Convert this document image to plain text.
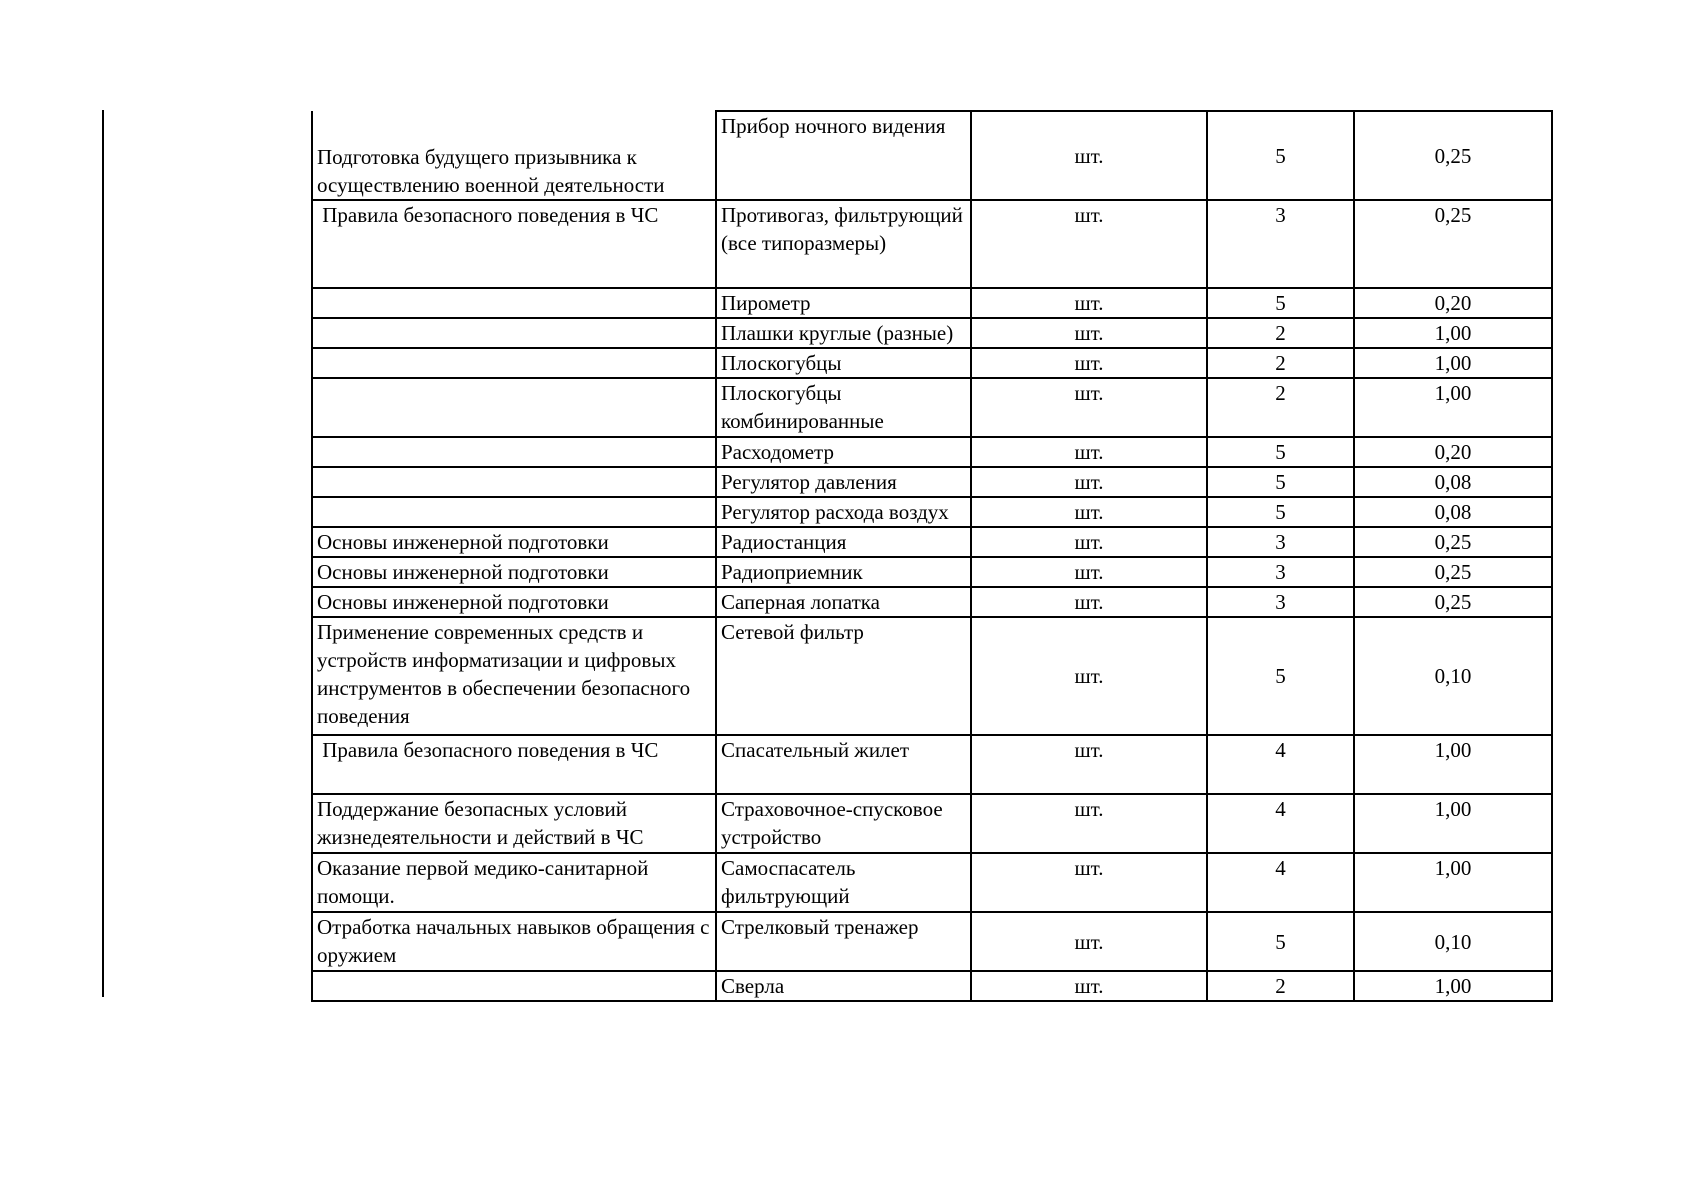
Подготовка будущего призывника к осуществлению военной деятельности	Прибор ночного видения	шт.	5	0,25
Правила безопасного поведения в ЧС	Противогаз, фильтрующий (все типоразмеры)	шт.	3	0,25
	Пирометр	шт.	5	0,20
	Плашки круглые (разные)	шт.	2	1,00
	Плоскогубцы	шт.	2	1,00
	Плоскогубцы комбинированные	шт.	2	1,00
	Расходометр	шт.	5	0,20
	Регулятор давления	шт.	5	0,08
	Регулятор расхода воздух	шт.	5	0,08
Основы инженерной подготовки	Радиостанция	шт.	3	0,25
Основы инженерной подготовки	Радиоприемник	шт.	3	0,25
Основы инженерной подготовки	Саперная лопатка	шт.	3	0,25
Применение современных средств и устройств информатизации и цифровых инструментов в обеспечении безопасного поведения	Сетевой фильтр	шт.	5	0,10
Правила безопасного поведения в ЧС	Спасательный жилет	шт.	4	1,00
Поддержание безопасных условий жизнедеятельности и действий в ЧС	Страховочное-спусковое устройство	шт.	4	1,00
Оказание первой медико-санитарной помощи.	Самоспасатель фильтрующий	шт.	4	1,00
Отработка начальных навыков обращения с оружием	Стрелковый тренажер	шт.	5	0,10
	Сверла	шт.	2	1,00
